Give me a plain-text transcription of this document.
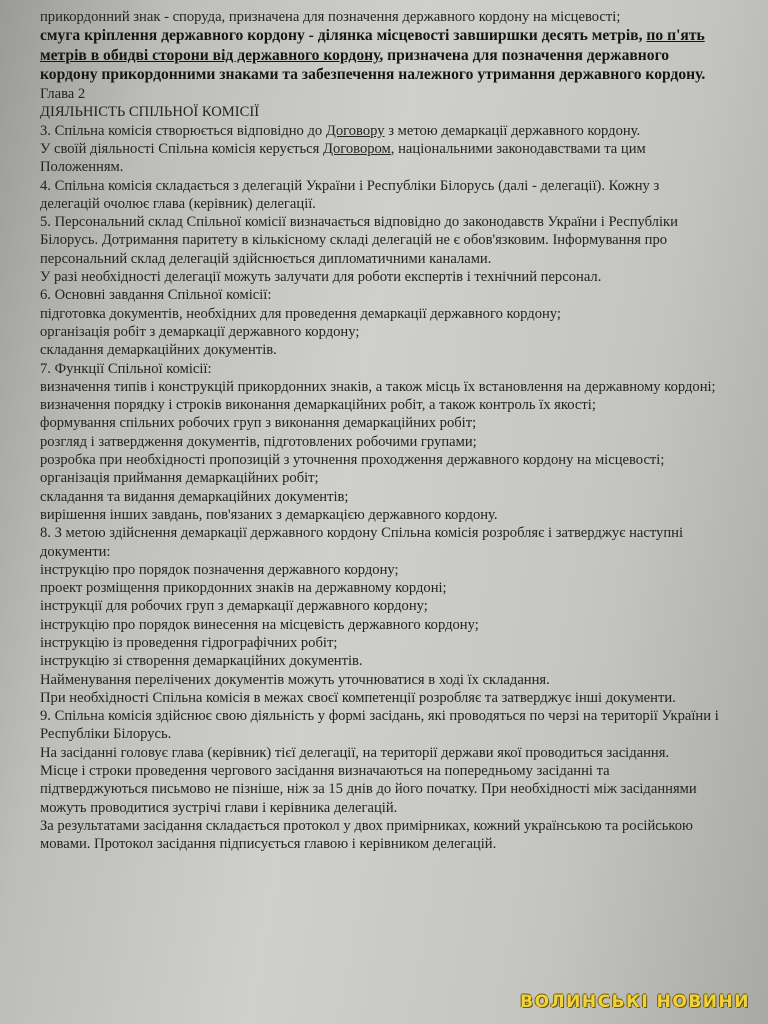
прикордонний знак - споруда, призначена для позначення державного кордону на місцевості;

смуга кріплення державного кордону - ділянка місцевості завширшки десять метрів, по п'ять метрів в обидві сторони від державного кордону, призначена для позначення державного кордону прикордонними знаками та забезпечення належного утримання державного кордону.

Глава 2

ДІЯЛЬНІСТЬ СПІЛЬНОЇ КОМІСІЇ

3. Спільна комісія створюється відповідно до Договору з метою демаркації державного кордону.

У своїй діяльності Спільна комісія керується Договором, національними законодавствами та цим Положенням.

4. Спільна комісія складається з делегацій України і Республіки Білорусь (далі - делегації). Кожну з делегацій очолює глава (керівник) делегації.

5. Персональний склад Спільної комісії визначається відповідно до законодавств України і Республіки Білорусь. Дотримання паритету в кількісному складі делегацій не є обов'язковим. Інформування про персональний склад делегацій здійснюється дипломатичними каналами.

У разі необхідності делегації можуть залучати для роботи експертів і технічний персонал.

6. Основні завдання Спільної комісії:

підготовка документів, необхідних для проведення демаркації державного кордону;

організація робіт з демаркації державного кордону;

складання демаркаційних документів.

7. Функції Спільної комісії:

визначення типів і конструкцій прикордонних знаків, а також місць їх встановлення на державному кордоні;

визначення порядку і строків виконання демаркаційних робіт, а також контроль їх якості;

формування спільних робочих груп з виконання демаркаційних робіт;

розгляд і затвердження документів, підготовлених робочими групами;

розробка при необхідності пропозицій з уточнення проходження державного кордону на місцевості;

організація приймання демаркаційних робіт;

складання та видання демаркаційних документів;

вирішення інших завдань, пов'язаних з демаркацією державного кордону.

8. З метою здійснення демаркації державного кордону Спільна комісія розробляє і затверджує наступні документи:

інструкцію про порядок позначення державного кордону;

проект розміщення прикордонних знаків на державному кордоні;

інструкції для робочих груп з демаркації державного кордону;

інструкцію про порядок винесення на місцевість державного кордону;

інструкцію із проведення гідрографічних робіт;

інструкцію зі створення демаркаційних документів.

Найменування перелічених документів можуть уточнюватися в ході їх складання.

При необхідності Спільна комісія в межах своєї компетенції розробляє та затверджує інші документи.

9. Спільна комісія здійснює свою діяльність у формі засідань, які проводяться по черзі на території України і Республіки Білорусь.

На засіданні головує глава (керівник) тієї делегації, на території держави якої проводиться засідання.

Місце і строки проведення чергового засідання визначаються на попередньому засіданні та підтверджуються письмово не пізніше, ніж за 15 днів до його початку. При необхідності між засіданнями можуть проводитися зустрічі глави і керівника делегацій.

За результатами засідання складається протокол у двох примірниках, кожний українською та російською мовами. Протокол засідання підписується главою і керівником делегацій.

ВОЛИНСЬКІ НОВИНИ
